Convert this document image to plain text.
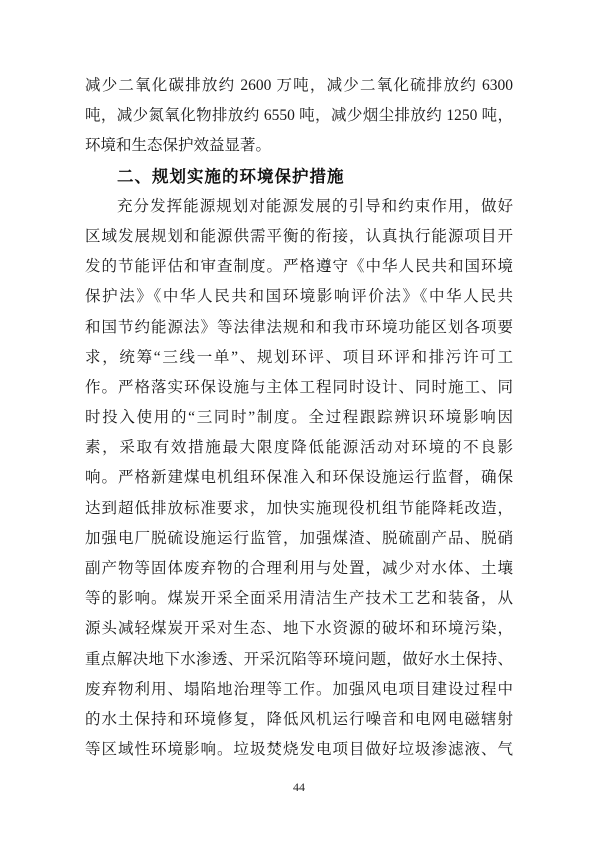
减少二氧化碳排放约 2600 万吨，减少二氧化硫排放约 6300
吨，减少氮氧化物排放约 6550 吨，减少烟尘排放约 1250 吨，
环境和生态保护效益显著。
二、规划实施的环境保护措施
充分发挥能源规划对能源发展的引导和约束作用，做好
区域发展规划和能源供需平衡的衔接，认真执行能源项目开
发的节能评估和审查制度。严格遵守《中华人民共和国环境
保护法》《中华人民共和国环境影响评价法》《中华人民共
和国节约能源法》等法律法规和和我市环境功能区划各项要
求，统筹“三线一单”、规划环评、项目环评和排污许可工
作。严格落实环保设施与主体工程同时设计、同时施工、同
时投入使用的“三同时”制度。全过程跟踪辨识环境影响因
素，采取有效措施最大限度降低能源活动对环境的不良影
响。严格新建煤电机组环保准入和环保设施运行监督，确保
达到超低排放标准要求，加快实施现役机组节能降耗改造，
加强电厂脱硫设施运行监管，加强煤渣、脱硫副产品、脱硝
副产物等固体废弃物的合理利用与处置，减少对水体、土壤
等的影响。煤炭开采全面采用清洁生产技术工艺和装备，从
源头减轻煤炭开采对生态、地下水资源的破坏和环境污染，
重点解决地下水渗透、开采沉陷等环境问题，做好水土保持、
废弃物利用、塌陷地治理等工作。加强风电项目建设过程中
的水土保持和环境修复，降低风机运行噪音和电网电磁辖射
等区域性环境影响。垃圾焚烧发电项目做好垃圾渗滤液、气
44
